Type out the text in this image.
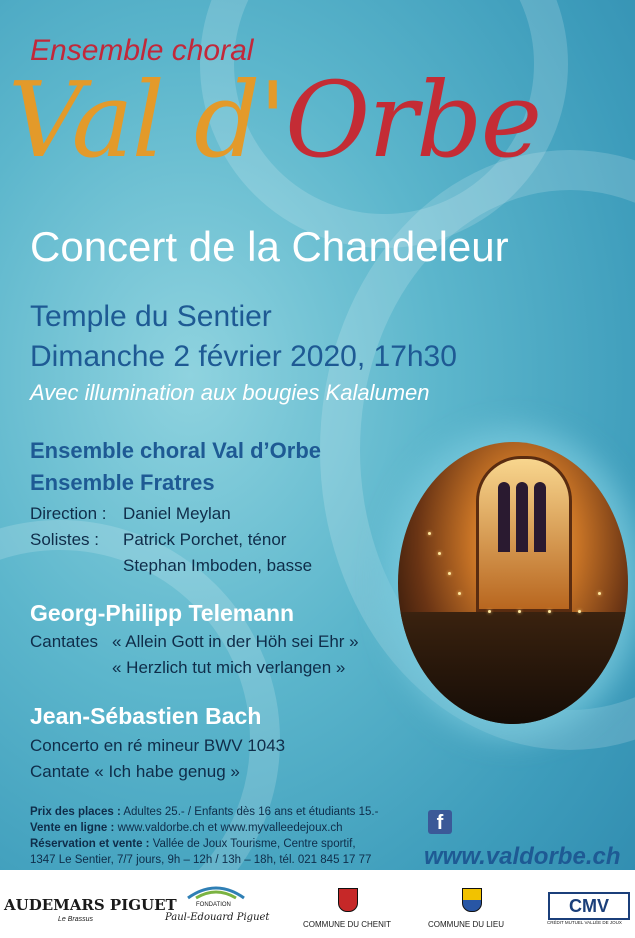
Ensemble choral
Val d'Orbe
Concert de la Chandeleur
Temple du Sentier
Dimanche 2 février 2020, 17h30
Avec illumination aux bougies Kalalumen
Ensemble choral Val d’Orbe
Ensemble Fratres
Direction : Daniel Meylan
Solistes : Patrick Porchet, ténor
Stephan Imboden, basse
Georg-Philipp Telemann
Cantates « Allein Gott in der Höh sei Ehr »
« Herzlich tut mich verlangen »
Jean-Sébastien Bach
Concerto en ré mineur BWV 1043
Cantate « Ich habe genug »
Prix des places : Adultes 25.- / Enfants dès 16 ans et étudiants 15.-
Vente en ligne : www.valdorbe.ch et www.myvalleedejoux.ch
Réservation et vente : Vallée de Joux Tourisme, Centre sportif,
1347 Le Sentier, 7/7 jours, 9h – 12h / 13h – 18h, tél. 021 845 17 77
f
www.valdorbe.ch
AUDEMARS PIGUET
Le Brassus
FONDATION
Paul-Edouard Piguet
COMMUNE DU CHENIT	COMMUNE DU LIEU
CMV
CRÉDIT MUTUEL VALLÉE DE JOUX
